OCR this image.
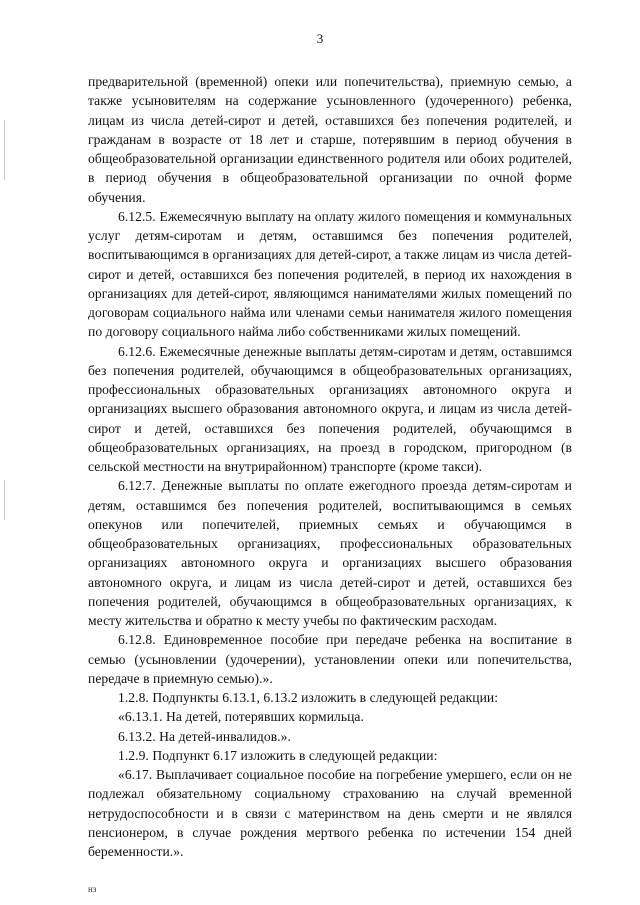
3

предварительной (временной) опеки или попечительства), приемную семью, а также усыновителям на содержание усыновленного (удочеренного) ребенка, лицам из числа детей-сирот и детей, оставшихся без попечения родителей, и гражданам в возрасте от 18 лет и старше, потерявшим в период обучения в общеобразовательной организации единственного родителя или обоих родителей, в период обучения в общеобразовательной организации по очной форме обучения.

6.12.5. Ежемесячную выплату на оплату жилого помещения и коммунальных услуг детям-сиротам и детям, оставшимся без попечения родителей, воспитывающимся в организациях для детей-сирот, а также лицам из числа детей-сирот и детей, оставшихся без попечения родителей, в период их нахождения в организациях для детей-сирот, являющимся нанимателями жилых помещений по договорам социального найма или членами семьи нанимателя жилого помещения по договору социального найма либо собственниками жилых помещений.

6.12.6. Ежемесячные денежные выплаты детям-сиротам и детям, оставшимся без попечения родителей, обучающимся в общеобразовательных организациях, профессиональных образовательных организациях автономного округа и организациях высшего образования автономного округа, и лицам из числа детей-сирот и детей, оставшихся без попечения родителей, обучающимся в общеобразовательных организациях, на проезд в городском, пригородном (в сельской местности на внутрирайонном) транспорте (кроме такси).

6.12.7. Денежные выплаты по оплате ежегодного проезда детям-сиротам и детям, оставшимся без попечения родителей, воспитывающимся в семьях опекунов или попечителей, приемных семьях и обучающимся в общеобразовательных организациях, профессиональных образовательных организациях автономного округа и организациях высшего образования автономного округа, и лицам из числа детей-сирот и детей, оставшихся без попечения родителей, обучающимся в общеобразовательных организациях, к месту жительства и обратно к месту учебы по фактическим расходам.

6.12.8. Единовременное пособие при передаче ребенка на воспитание в семью (усыновлении (удочерении), установлении опеки или попечительства, передаче в приемную семью).».

1.2.8. Подпункты 6.13.1, 6.13.2 изложить в следующей редакции:

«6.13.1. На детей, потерявших кормильца.

6.13.2. На детей-инвалидов.».

1.2.9. Подпункт 6.17 изложить в следующей редакции:

«6.17. Выплачивает социальное пособие на погребение умершего, если он не подлежал обязательному социальному страхованию на случай временной нетрудоспособности и в связи с материнством на день смерти и не являлся пенсионером, в случае рождения мертвого ребенка по истечении 154 дней беременности.».

нз
